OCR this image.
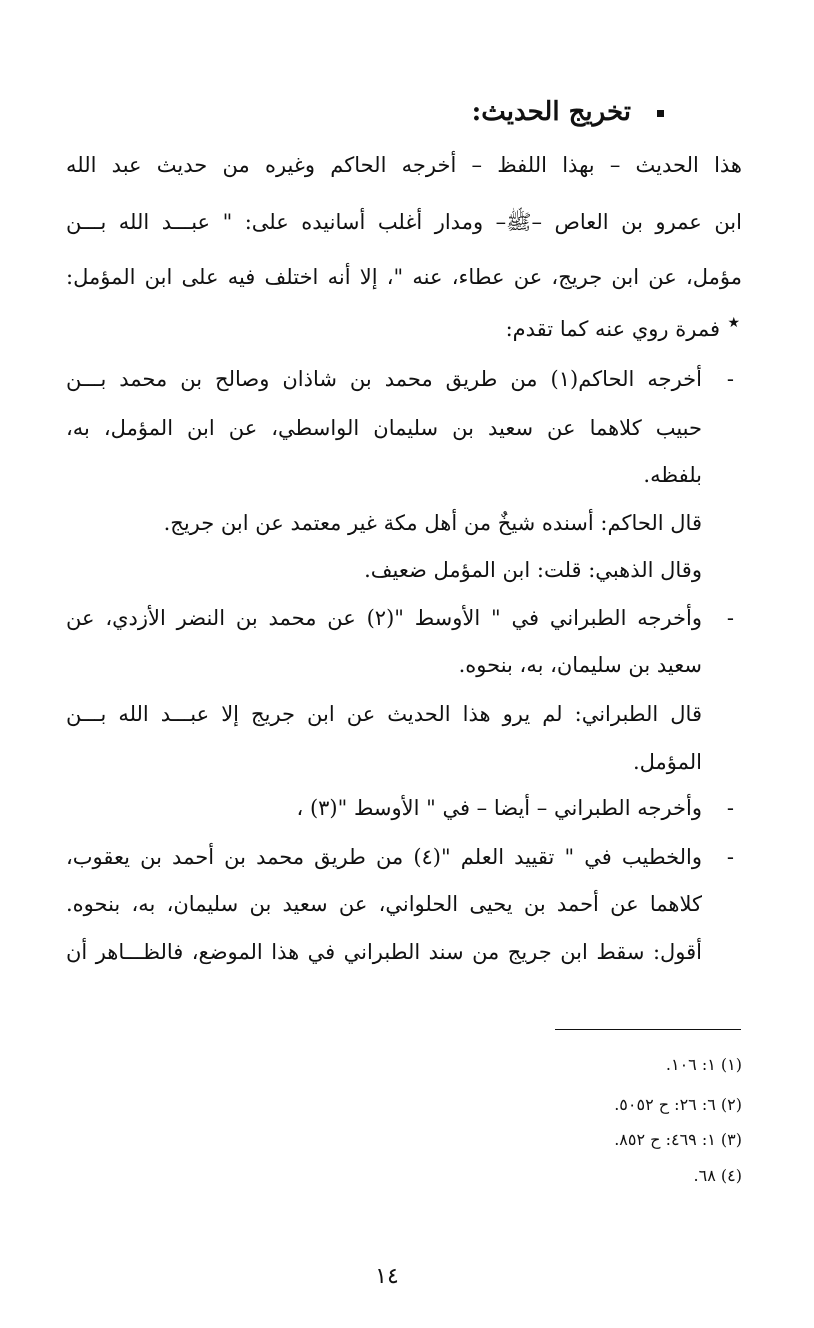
تخريج الحديث:
هذا الحديث – بهذا اللفظ – أخرجه الحاكم وغيره من حديث عبد الله
ابن عمرو بن العاص –ﷺ– ومدار أغلب أسانيده على: " عبـــد الله بـــن
مؤمل، عن ابن جريج، عن عطاء، عنه "، إلا أنه اختلف فيه على ابن المؤمل:
★
فمرة روي عنه كما تقدم:
-
أخرجه الحاكم(١) من طريق محمد بن شاذان وصالح بن محمد بـــن
حبيب كلاهما عن سعيد بن سليمان الواسطي، عن ابن المؤمل، به،
بلفظه.
قال الحاكم: أسنده شيخٌ من أهل مكة غير معتمد عن ابن جريج.
وقال الذهبي: قلت: ابن المؤمل ضعيف.
-
وأخرجه الطبراني في " الأوسط "(٢) عن محمد بن النضر الأزدي، عن
سعيد بن سليمان، به، بنحوه.
قال الطبراني: لم يرو هذا الحديث عن ابن جريج إلا عبـــد الله بـــن
المؤمل.
-
وأخرجه الطبراني – أيضا – في " الأوسط "(٣) ،
-
والخطيب في " تقييد العلم "(٤) من طريق محمد بن أحمد بن يعقوب،
كلاهما عن أحمد بن يحيى الحلواني، عن سعيد بن سليمان، به، بنحوه.
أقول: سقط ابن جريج من سند الطبراني في هذا الموضع، فالظـــاهر أن
(١) ١: ١٠٦.
(٢) ٦: ٢٦: ح ٥٠٥٢.
(٣) ١: ٤٦٩: ح ٨٥٢.
(٤) ٦٨.
١٤
